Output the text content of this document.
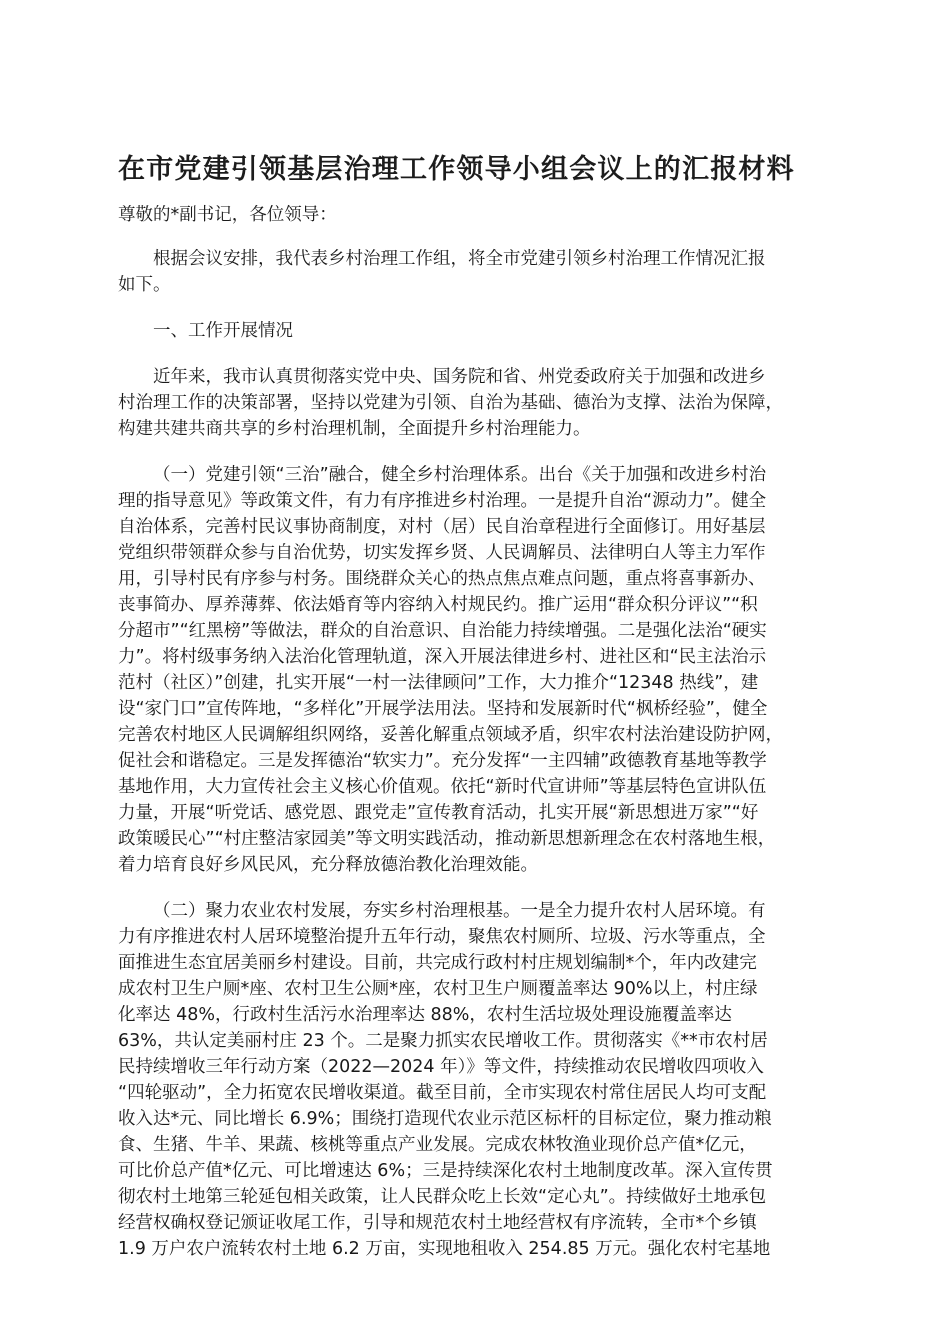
在市党建引领基层治理工作领导小组会议上的汇报材料

尊敬的*副书记，各位领导：

根据会议安排，我代表乡村治理工作组，将全市党建引领乡村治理工作情况汇报
如下。

一、工作开展情况

近年来，我市认真贯彻落实党中央、国务院和省、州党委政府关于加强和改进乡
村治理工作的决策部署，坚持以党建为引领、自治为基础、德治为支撑、法治为保障，
构建共建共商共享的乡村治理机制，全面提升乡村治理能力。

（一）党建引领“三治”融合，健全乡村治理体系。出台《关于加强和改进乡村治
理的指导意见》等政策文件，有力有序推进乡村治理。一是提升自治“源动力”。健全
自治体系，完善村民议事协商制度，对村（居）民自治章程进行全面修订。用好基层
党组织带领群众参与自治优势，切实发挥乡贤、人民调解员、法律明白人等主力军作
用，引导村民有序参与村务。围绕群众关心的热点焦点难点问题，重点将喜事新办、
丧事简办、厚养薄葬、依法婚育等内容纳入村规民约。推广运用“群众积分评议”“积
分超市”“红黑榜”等做法，群众的自治意识、自治能力持续增强。二是强化法治“硬实
力”。将村级事务纳入法治化管理轨道，深入开展法律进乡村、进社区和“民主法治示
范村（社区）”创建，扎实开展“一村一法律顾问”工作，大力推介“12348 热线”，建
设“家门口”宣传阵地，“多样化”开展学法用法。坚持和发展新时代“枫桥经验”，健全
完善农村地区人民调解组织网络，妥善化解重点领域矛盾，织牢农村法治建设防护网，
促社会和谐稳定。三是发挥德治“软实力”。充分发挥“一主四辅”政德教育基地等教学
基地作用，大力宣传社会主义核心价值观。依托“新时代宣讲师”等基层特色宣讲队伍
力量，开展“听党话、感党恩、跟党走”宣传教育活动，扎实开展“新思想进万家”“好
政策暖民心”“村庄整洁家园美”等文明实践活动，推动新思想新理念在农村落地生根，
着力培育良好乡风民风，充分释放德治教化治理效能。

（二）聚力农业农村发展，夯实乡村治理根基。一是全力提升农村人居环境。有
力有序推进农村人居环境整治提升五年行动，聚焦农村厕所、垃圾、污水等重点，全
面推进生态宜居美丽乡村建设。目前，共完成行政村村庄规划编制*个，年内改建完
成农村卫生户厕*座、农村卫生公厕*座，农村卫生户厕覆盖率达 90%以上，村庄绿
化率达 48%，行政村生活污水治理率达 88%，农村生活垃圾处理设施覆盖率达
63%，共认定美丽村庄 23 个。二是聚力抓实农民增收工作。贯彻落实《**市农村居
民持续增收三年行动方案（2022—2024 年）》等文件，持续推动农民增收四项收入
“四轮驱动”，全力拓宽农民增收渠道。截至目前，全市实现农村常住居民人均可支配
收入达*元、同比增长 6.9%；围绕打造现代农业示范区标杆的目标定位，聚力推动粮
食、生猪、牛羊、果蔬、核桃等重点产业发展。完成农林牧渔业现价总产值*亿元，
可比价总产值*亿元、可比增速达 6%；三是持续深化农村土地制度改革。深入宣传贯
彻农村土地第三轮延包相关政策，让人民群众吃上长效“定心丸”。持续做好土地承包
经营权确权登记颁证收尾工作，引导和规范农村土地经营权有序流转，全市*个乡镇
1.9 万户农户流转农村土地 6.2 万亩，实现地租收入 254.85 万元。强化农村宅基地
